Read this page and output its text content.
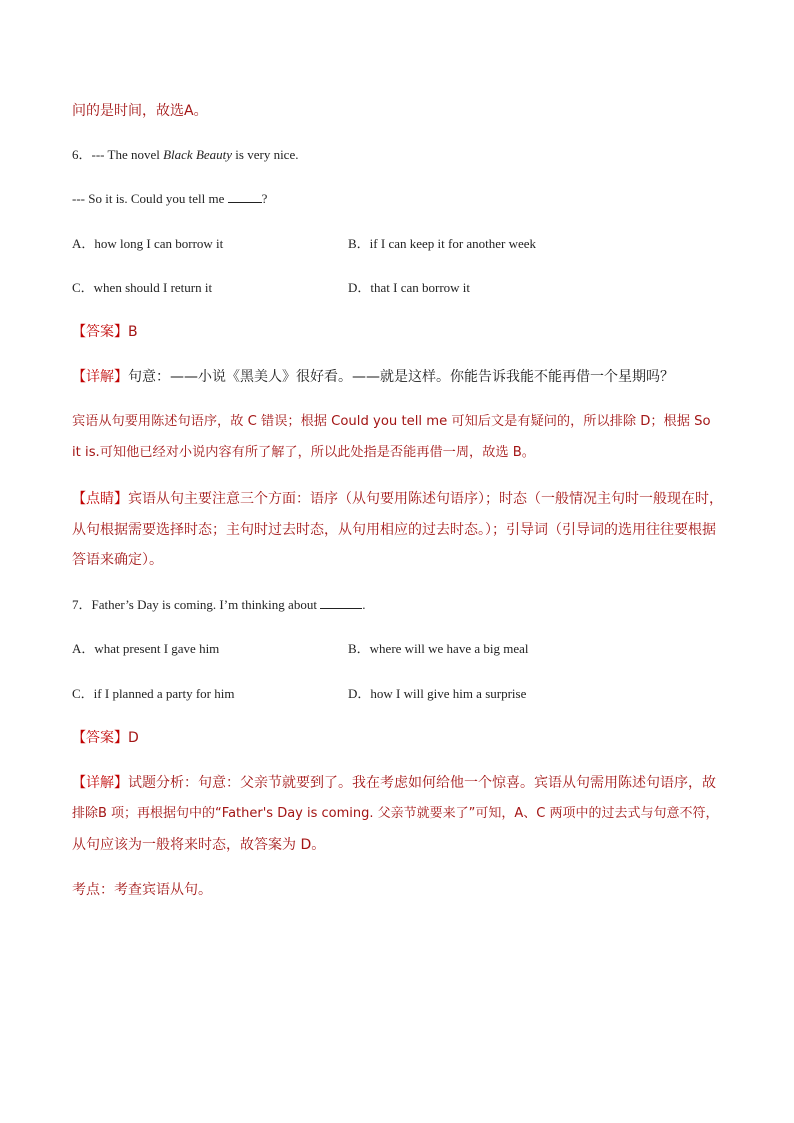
问的是时间，故选A。
6．--- The novel Black Beauty is very nice.
--- So it is. Could you tell me	?
A．how long I can borrow it	B．if I can keep it for another week
C．when should I return it	D．that I can borrow it
【答案】B
【详解】句意：——小说《黑美人》很好看。——就是这样。你能告诉我能不能再借一个星期吗？
宾语从句要用陈述句语序，故 C 错误；根据 Could you tell me 可知后文是有疑问的，所以排除 D；根据 So
it is.可知他已经对小说内容有所了解了，所以此处指是否能再借一周，故选 B。
【点睛】宾语从句主要注意三个方面：语序（从句要用陈述句语序）；时态（一般情况主句时一般现在时，
从句根据需要选择时态；主句时过去时态，从句用相应的过去时态。）；引导词（引导词的选用往往要根据
答语来确定）。
7．Father’s Day is coming. I’m thinking about	.
A．what present I gave him	B．where will we have a big meal
C．if I planned a party for him	D．how I will give him a surprise
【答案】D
【详解】试题分析：句意：父亲节就要到了。我在考虑如何给他一个惊喜。宾语从句需用陈述句语序，故
排除B 项；再根据句中的“Father's Day is coming. 父亲节就要来了”可知，A、C 两项中的过去式与句意不符，
从句应该为一般将来时态，故答案为 D。
考点：考查宾语从句。
